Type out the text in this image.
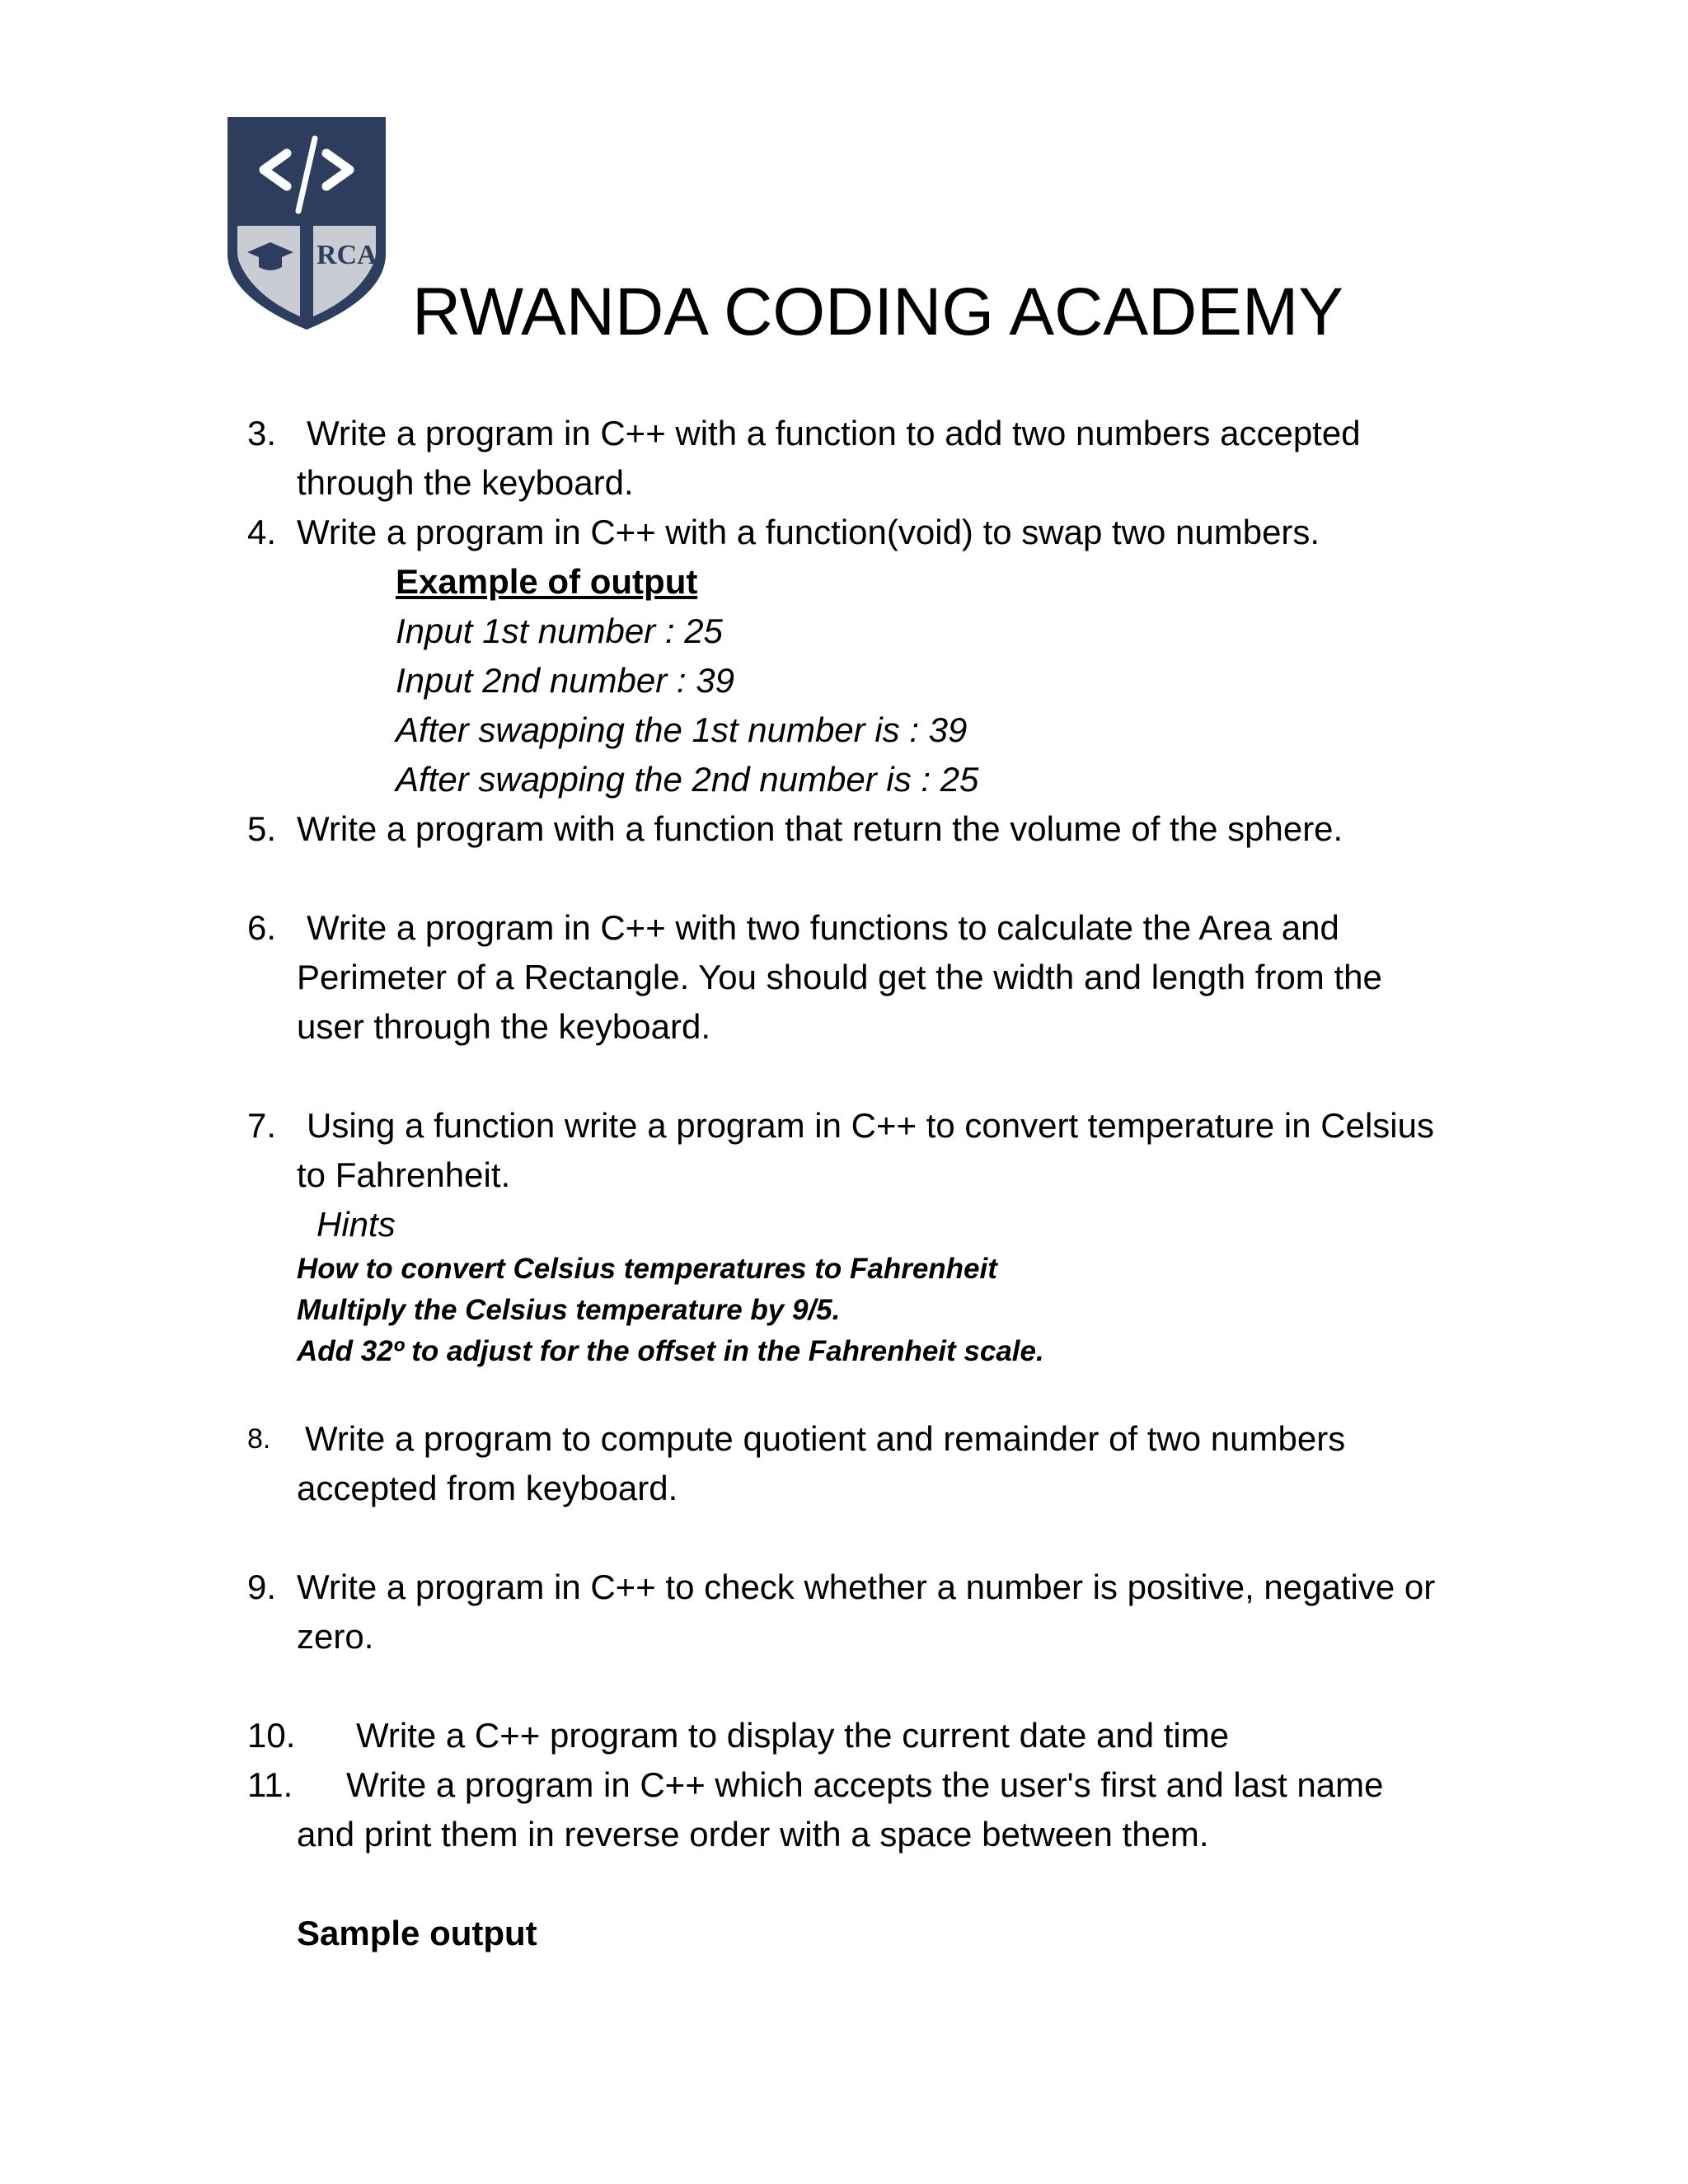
RCA
RWANDA CODING ACADEMY
3. Write a program in C++ with a function to add two numbers accepted
through the keyboard.
4. Write a program in C++ with a function(void) to swap two numbers.
Example of output
Input 1st number : 25
Input 2nd number : 39
After swapping the 1st number is : 39
After swapping the 2nd number is : 25
5. Write a program with a function that return the volume of the sphere.
6. Write a program in C++ with two functions to calculate the Area and
Perimeter of a Rectangle. You should get the width and length from the
user through the keyboard.
7. Using a function write a program in C++ to convert temperature in Celsius
to Fahrenheit.
Hints
How to convert Celsius temperatures to Fahrenheit
Multiply the Celsius temperature by 9/5.
Add 32º to adjust for the offset in the Fahrenheit scale.
8. Write a program to compute quotient and remainder of two numbers
accepted from keyboard.
9. Write a program in C++ to check whether a number is positive, negative or
zero.
10. Write a C++ program to display the current date and time
11. Write a program in C++ which accepts the user's first and last name
and print them in reverse order with a space between them.
Sample output
